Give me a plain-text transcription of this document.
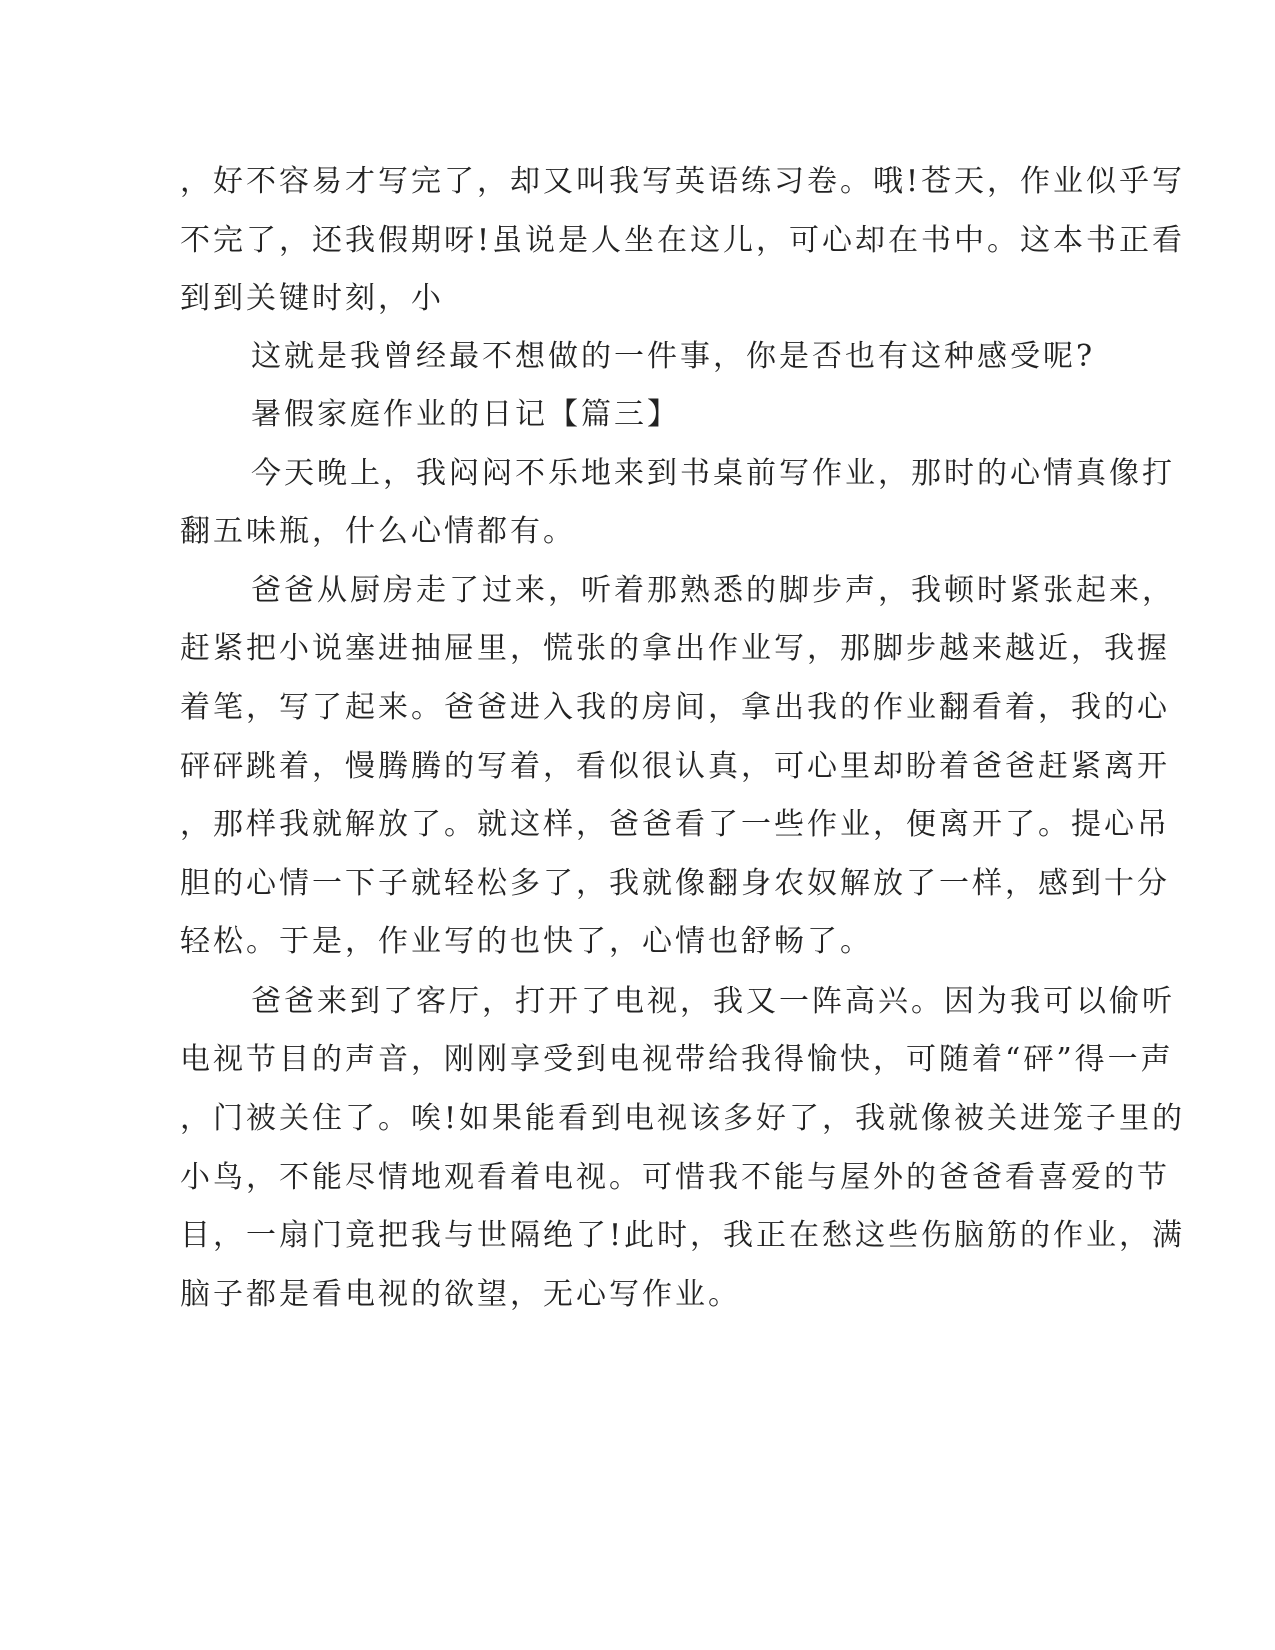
，好不容易才写完了，却又叫我写英语练习卷。哦!苍天，作业似乎写
不完了，还我假期呀!虽说是人坐在这儿，可心却在书中。这本书正看
到到关键时刻，小
这就是我曾经最不想做的一件事，你是否也有这种感受呢?
暑假家庭作业的日记【篇三】
今天晚上，我闷闷不乐地来到书桌前写作业，那时的心情真像打
翻五味瓶，什么心情都有。
爸爸从厨房走了过来，听着那熟悉的脚步声，我顿时紧张起来，
赶紧把小说塞进抽屉里，慌张的拿出作业写，那脚步越来越近，我握
着笔，写了起来。爸爸进入我的房间，拿出我的作业翻看着，我的心
砰砰跳着，慢腾腾的写着，看似很认真，可心里却盼着爸爸赶紧离开
，那样我就解放了。就这样，爸爸看了一些作业，便离开了。提心吊
胆的心情一下子就轻松多了，我就像翻身农奴解放了一样，感到十分
轻松。于是，作业写的也快了，心情也舒畅了。
爸爸来到了客厅，打开了电视，我又一阵高兴。因为我可以偷听
电视节目的声音，刚刚享受到电视带给我得愉快，可随着“砰”得一声
，门被关住了。唉!如果能看到电视该多好了，我就像被关进笼子里的
小鸟，不能尽情地观看着电视。可惜我不能与屋外的爸爸看喜爱的节
目，一扇门竟把我与世隔绝了!此时，我正在愁这些伤脑筋的作业，满
脑子都是看电视的欲望，无心写作业。
